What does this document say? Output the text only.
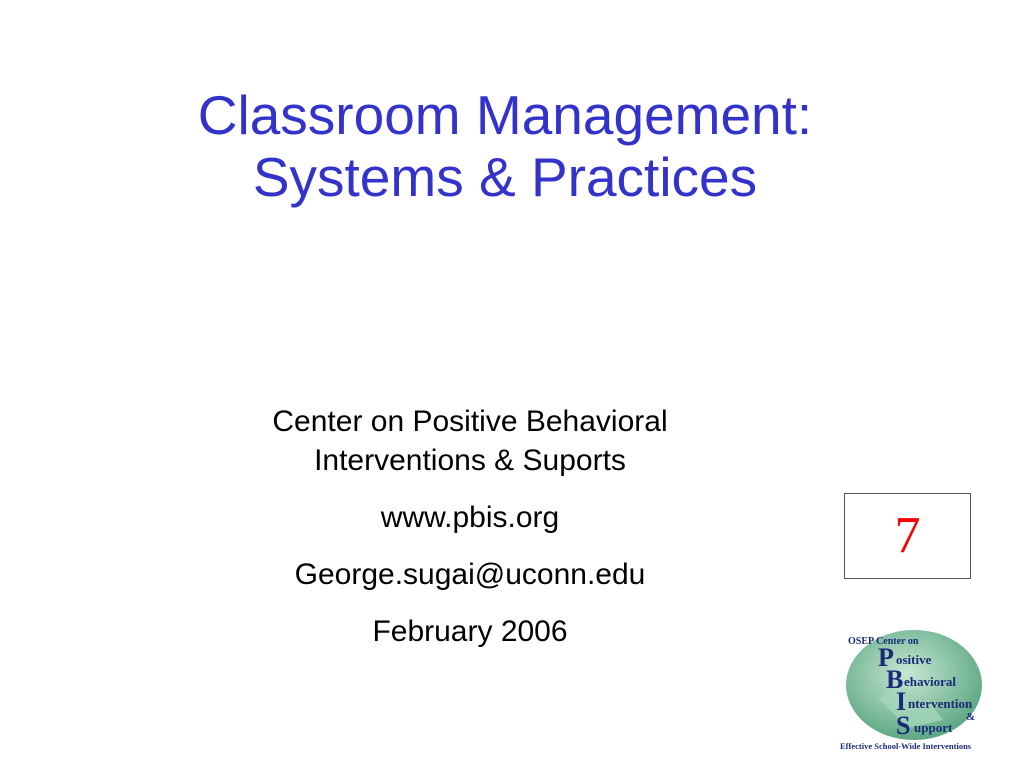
Classroom Management:
Systems & Practices
Center on Positive Behavioral
Interventions & Suports
www.pbis.org
George.sugai@uconn.edu
February 2006
7
OSEP Center on
P ositive
B ehavioral
I ntervention
&
S upport
Effective School-Wide Interventions
